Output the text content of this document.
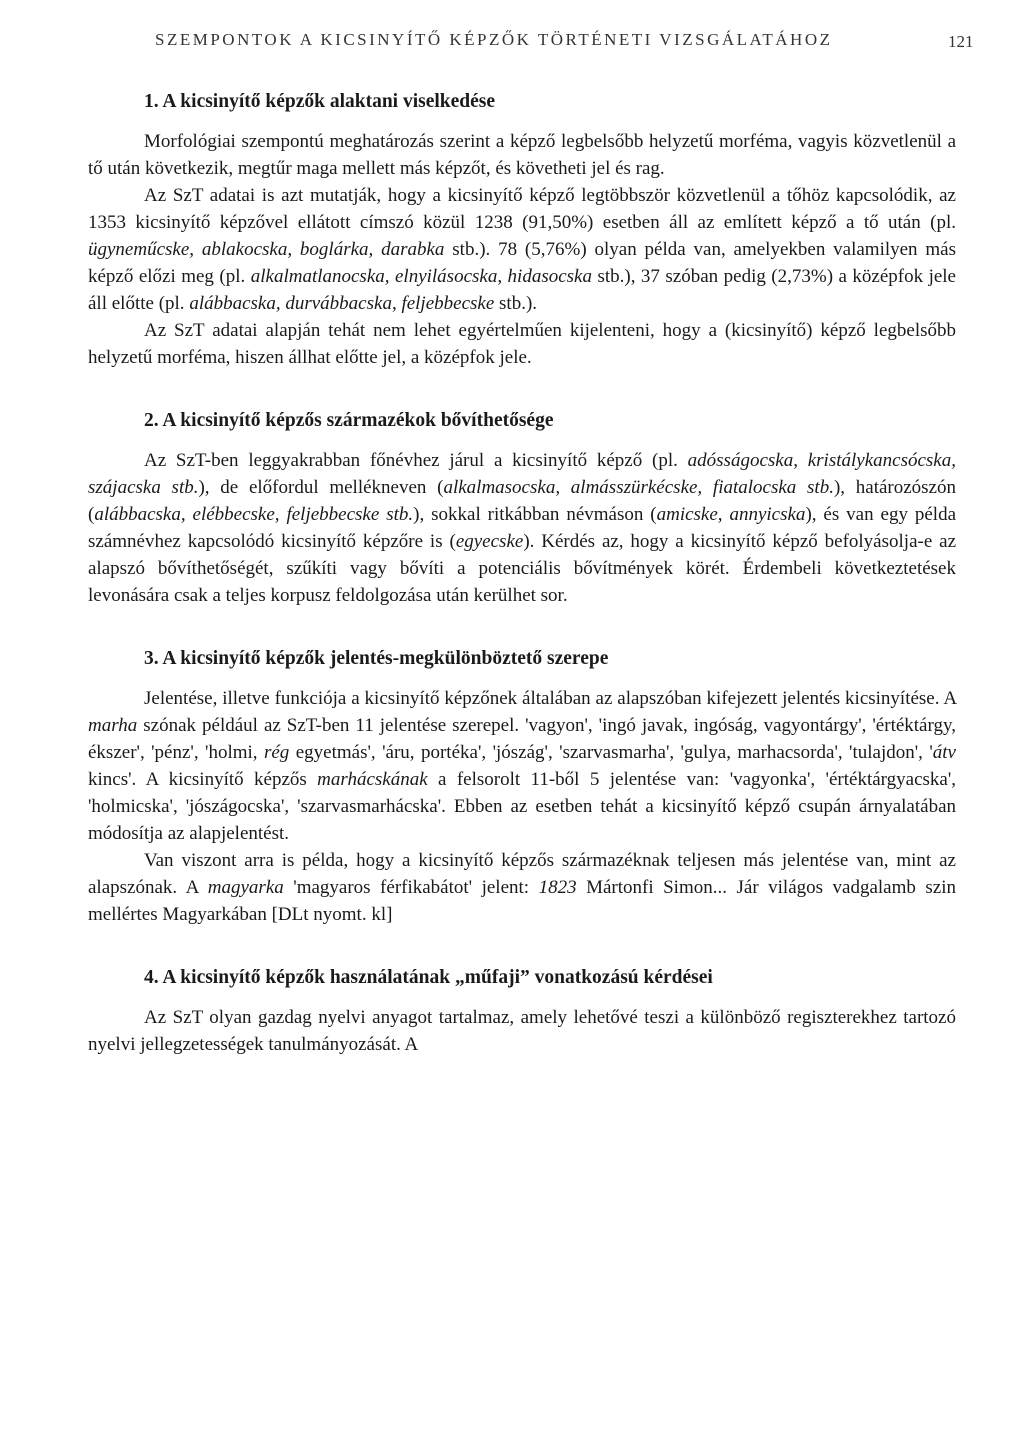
SZEMPONTOK A KICSINYÍTŐ KÉPZŐK TÖRTÉNETI VIZSGÁLATÁHOZ	121
1. A kicsinyítő képzők alaktani viselkedése

Morfológiai szempontú meghatározás szerint a képző legbelsőbb helyzetű morféma, vagyis közvetlenül a tő után következik, megtűr maga mellett más képzőt, és követheti jel és rag.

Az SzT adatai is azt mutatják, hogy a kicsinyítő képző legtöbbször közvetlenül a tőhöz kapcsolódik, az 1353 kicsinyítő képzővel ellátott címszó közül 1238 (91,50%) esetben áll az említett képző a tő után (pl. ügyneműcske, ablakocska, boglárka, darabka stb.). 78 (5,76%) olyan példa van, amelyekben valamilyen más képző előzi meg (pl. alkalmatlanocska, elnyilásocska, hidasocska stb.), 37 szóban pedig (2,73%) a középfok jele áll előtte (pl. alábbacska, durvábbacska, feljebbecske stb.).

Az SzT adatai alapján tehát nem lehet egyértelműen kijelenteni, hogy a (kicsinyítő) képző legbelsőbb helyzetű morféma, hiszen állhat előtte jel, a középfok jele.

2. A kicsinyítő képzős származékok bővíthetősége

Az SzT-ben leggyakrabban főnévhez járul a kicsinyítő képző (pl. adósságocska, kristálykancsócska, szájacska stb.), de előfordul mellékneven (alkalmasocska, almásszürkécske, fiatalocska stb.), határozószón (alábbacska, elébbecske, feljebbecske stb.), sokkal ritkábban névmáson (amicske, annyicska), és van egy példa számnévhez kapcsolódó kicsinyítő képzőre is (egyecske). Kérdés az, hogy a kicsinyítő képző befolyásolja-e az alapszó bővíthetőségét, szűkíti vagy bővíti a potenciális bővítmények körét. Érdembeli következtetések levonására csak a teljes korpusz feldolgozása után kerülhet sor.

3. A kicsinyítő képzők jelentés-megkülönböztető szerepe

Jelentése, illetve funkciója a kicsinyítő képzőnek általában az alapszóban kifejezett jelentés kicsinyítése. A marha szónak például az SzT-ben 11 jelentése szerepel. 'vagyon', 'ingó javak, ingóság, vagyontárgy', 'értéktárgy, ékszer', 'pénz', 'holmi, rég egyetmás', 'áru, portéka', 'jószág', 'szarvasmarha', 'gulya, marhacsorda', 'tulajdon', 'átv kincs'. A kicsinyítő képzős marhácskának a felsorolt 11-ből 5 jelentése van: 'vagyonka', 'értéktárgyacska', 'holmicska', 'jószágocska', 'szarvasmarhácska'. Ebben az esetben tehát a kicsinyítő képző csupán árnyalatában módosítja az alapjelentést.

Van viszont arra is példa, hogy a kicsinyítő képzős származéknak teljesen más jelentése van, mint az alapszónak. A magyarka 'magyaros férfikabátot' jelent: 1823 Mártonfi Simon... Jár világos vadgalamb szin mellértes Magyarkában [DLt nyomt. kl]

4. A kicsinyítő képzők használatának „műfaji” vonatkozású kérdései

Az SzT olyan gazdag nyelvi anyagot tartalmaz, amely lehetővé teszi a különböző regiszterekhez tartozó nyelvi jellegzetességek tanulmányozását. A
